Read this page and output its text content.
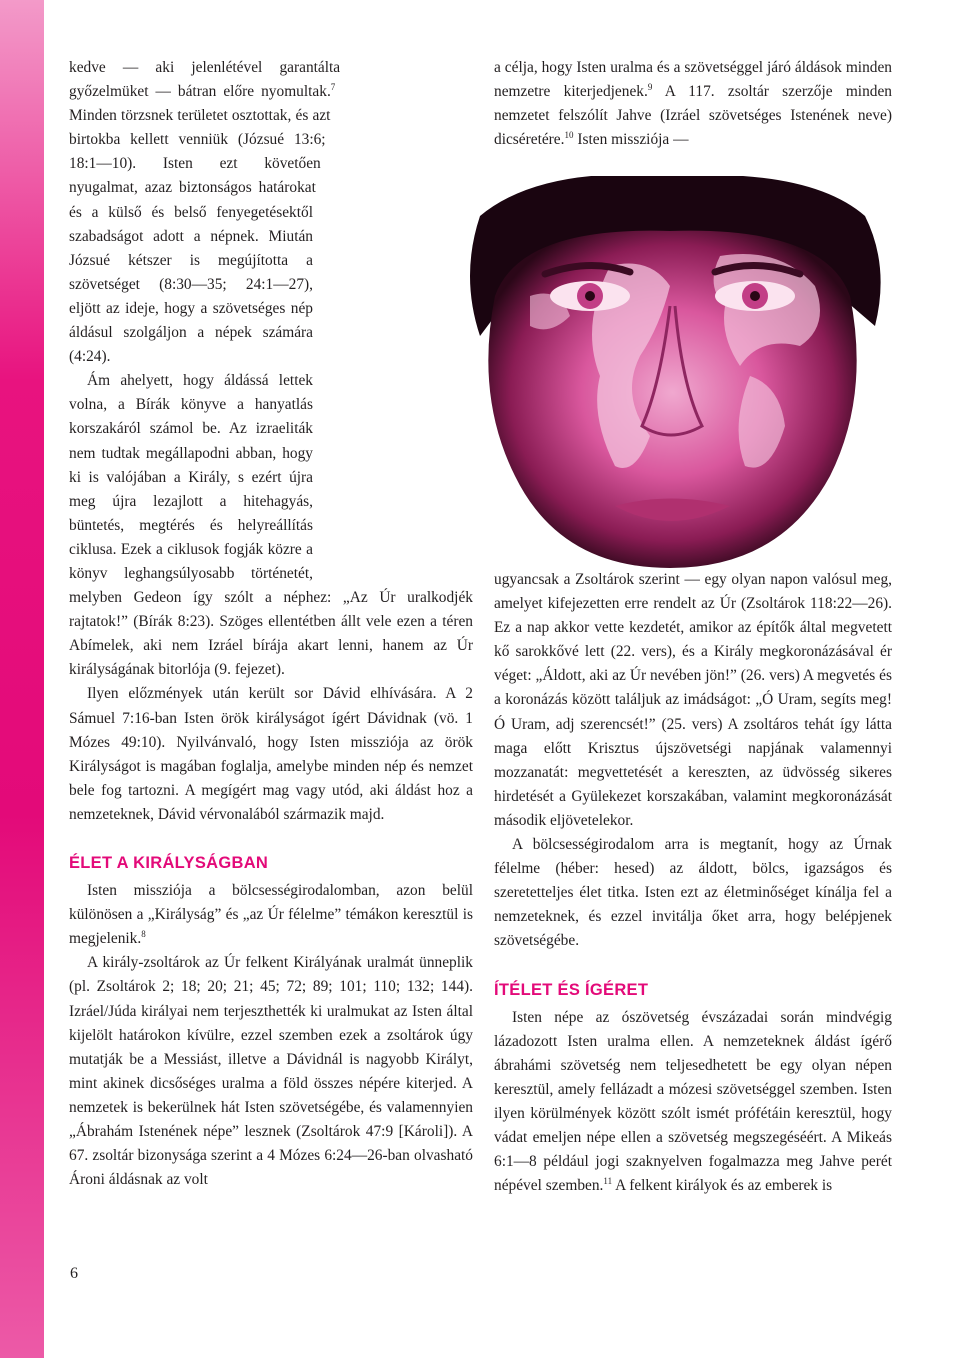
kedve — aki jelenlétével garantálta győzelmüket — bátran előre nyomultak.$^7$ Minden törzsnek területet osztottak, és azt birtokba kellett venniük (Józsué 13:6; 18:1—10). Isten ezt követően nyugalmat, azaz biztonságos határokat és a külső és belső fenyegetésektől szabadságot adott a népnek. Miután Józsué kétszer is megújította a szövetséget (8:30—35; 24:1—27), eljött az ideje, hogy a szövetséges nép áldásul szolgáljon a népek számára (4:24).

Ám ahelyett, hogy áldássá lettek volna, a Bírák könyve a hanyatlás korszakáról számol be. Az izraeliták nem tudtak megállapodni abban, hogy ki is valójában a Király, s ezért újra meg újra lezajlott a hitehagyás, büntetés, megtérés és helyreállítás ciklusa. Ezek a ciklusok fogják közre a könyv leghangsúlyosabb történetét, melyben Gedeon így szólt a néphez: „Az Úr uralkodjék rajtatok!” (Bírák 8:23). Szöges ellentétben állt vele ezen a téren Abímelek, aki nem Izráel bírája akart lenni, hanem az Úr királyságának bitorlója (9. fejezet).

Ilyen előzmények után került sor Dávid elhívására. A 2 Sámuel 7:16-ban Isten örök királyságot ígért Dávidnak (vö. 1 Mózes 49:10). Nyilvánvaló, hogy Isten missziója az örök Királyságot is magában foglalja, amelybe minden nép és nemzet bele fog tartozni. A megígért mag vagy utód, aki áldást hoz a nemzeteknek, Dávid vérvonalából származik majd.

ÉLET A KIRÁLYSÁGBAN

Isten missziója a bölcsességirodalomban, azon belül különösen a „Királyság” és „az Úr félelme” témákon keresztül is megjelenik.$^8$

A király-zsoltárok az Úr felkent Királyának uralmát ünneplik (pl. Zsoltárok 2; 18; 20; 21; 45; 72; 89; 101; 110; 132; 144). Izráel/Júda királyai nem terjeszthették ki uralmukat az Isten által kijelölt határokon kívülre, ezzel szemben ezek a zsoltárok úgy mutatják be a Messiást, illetve a Dávidnál is nagyobb Királyt, mint akinek dicsőséges uralma a föld összes népére kiterjed. A nemzetek is bekerülnek hát Isten szövetségébe, és valamennyien „Ábrahám Istenének népe” lesznek (Zsoltárok 47:9 [Károli]). A 67. zsoltár bizonysága szerint a 4 Mózes 6:24—26-ban olvasható Ároni áldásnak az volt

a célja, hogy Isten uralma és a szövetséggel járó áldások minden nemzetre kiterjedjenek.$^9$ A 117. zsoltár szerzője minden nemzetet felszólít Jahve (Izráel szövetséges Istenének neve) dicséretére.$^{10}$ Isten missziója —

ugyancsak a Zsoltárok szerint — egy olyan napon valósul meg, amelyet kifejezetten erre rendelt az Úr (Zsoltárok 118:22—26). Ez a nap akkor vette kezdetét, amikor az építők által megvetett kő sarokkővé lett (22. vers), és a Király megkoronázásával ér véget: „Áldott, aki az Úr nevében jön!” (26. vers) A megvetés és a koronázás között találjuk az imádságot: „Ó Uram, segíts meg! Ó Uram, adj szerencsét!” (25. vers) A zsoltáros tehát így látta maga előtt Krisztus újszövetségi napjának valamennyi mozzanatát: megvettetését a kereszten, az üdvösség sikeres hirdetését a Gyülekezet korszakában, valamint megkoronázását második eljövetelekor.

A bölcsességirodalom arra is megtanít, hogy az Úrnak félelme (héber: hesed) az áldott, bölcs, igazságos és szeretetteljes élet titka. Isten ezt az életminőséget kínálja fel a nemzeteknek, és ezzel invitálja őket arra, hogy belépjenek szövetségébe.

ÍTÉLET ÉS ÍGÉRET

Isten népe az ószövetség évszázadai során mindvégig lázadozott Isten uralma ellen. A nemzeteknek áldást ígérő ábrahámi szövetség nem teljesedhetett be egy olyan népen keresztül, amely fellázadt a mózesi szövetséggel szemben. Isten ilyen körülmények között szólt ismét prófétáin keresztül, hogy vádat emeljen népe ellen a szövetség megszegéséért. A Mikeás 6:1—8 például jogi szaknyelven fogalmazza meg Jahve perét népével szemben.$^{11}$ A felkent királyok és az emberek is

6
